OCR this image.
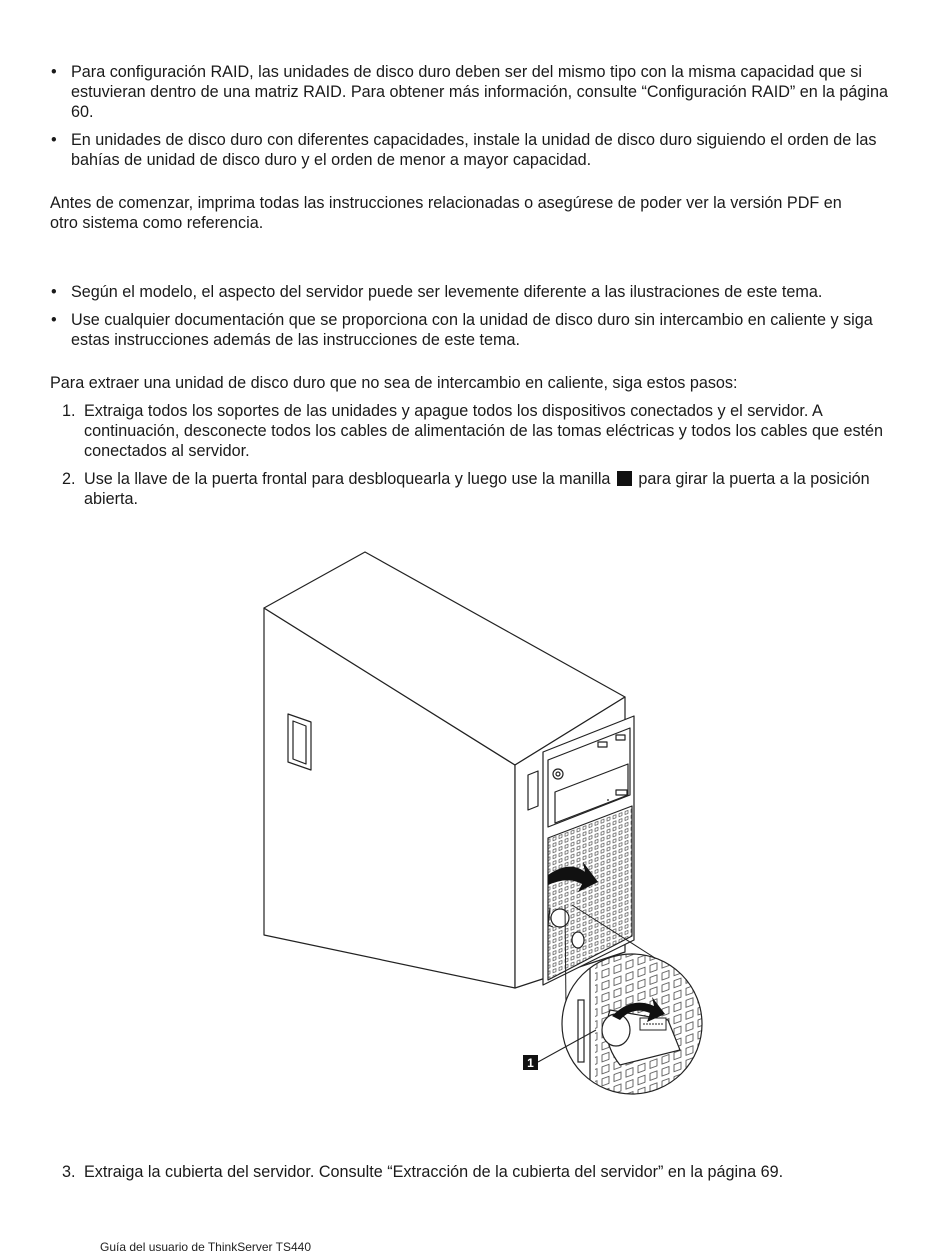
• Para configuración RAID, las unidades de disco duro deben ser del mismo tipo con la misma capacidad que si estuvieran dentro de una matriz RAID. Para obtener más información, consulte “Configuración RAID” en la página 60.
• En unidades de disco duro con diferentes capacidades, instale la unidad de disco duro siguiendo el orden de las bahías de unidad de disco duro y el orden de menor a mayor capacidad.

Antes de comenzar, imprima todas las instrucciones relacionadas o asegúrese de poder ver la versión PDF en otro sistema como referencia.

• Según el modelo, el aspecto del servidor puede ser levemente diferente a las ilustraciones de este tema.
• Use cualquier documentación que se proporciona con la unidad de disco duro sin intercambio en caliente y siga estas instrucciones además de las instrucciones de este tema.

Para extraer una unidad de disco duro que no sea de intercambio en caliente, siga estos pasos:

1. Extraiga todos los soportes de las unidades y apague todos los dispositivos conectados y el servidor. A continuación, desconecte todos los cables de alimentación de las tomas eléctricas y todos los cables que estén conectados al servidor.
2. Use la llave de la puerta frontal para desbloquearla y luego use la manilla para girar la puerta a la posición abierta.
1
3. Extraiga la cubierta del servidor. Consulte “Extracción de la cubierta del servidor” en la página 69.
Guía del usuario de ThinkServer TS440
